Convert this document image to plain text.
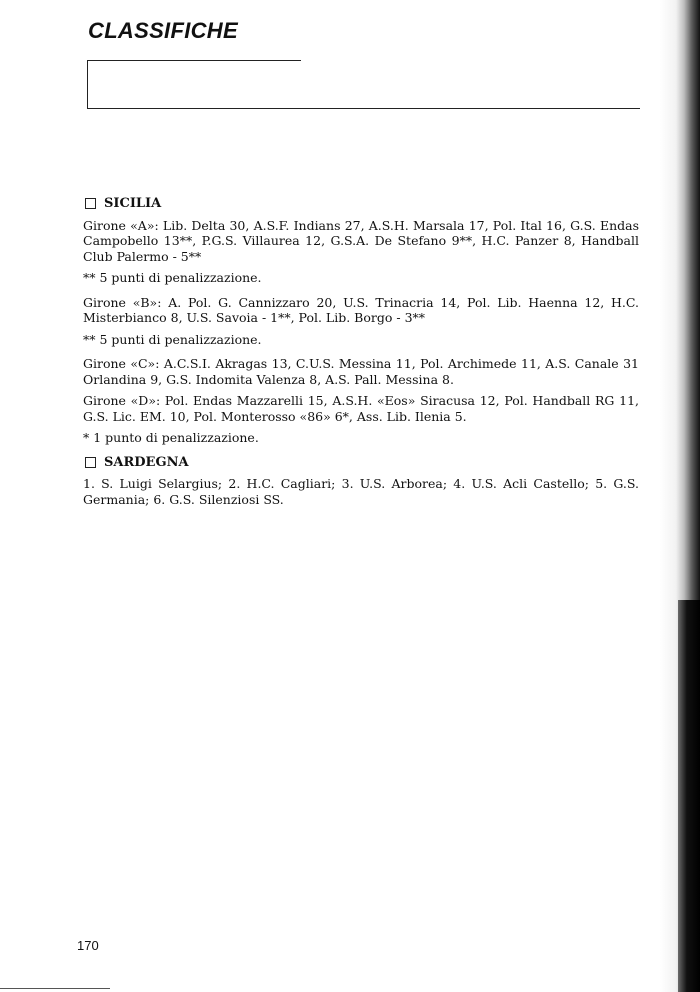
CLASSIFICHE
SICILIA

Girone «A»: Lib. Delta 30, A.S.F. Indians 27, A.S.H. Marsala 17, Pol. Ital 16, G.S. Endas Campobello 13**, P.G.S. Villaurea 12, G.S.A. De Stefano 9**, H.C. Panzer 8, Handball Club Palermo - 5**

** 5 punti di penalizzazione.

Girone «B»: A. Pol. G. Cannizzaro 20, U.S. Trinacria 14, Pol. Lib. Haenna 12, H.C. Misterbianco 8, U.S. Savoia - 1**, Pol. Lib. Borgo - 3**

** 5 punti di penalizzazione.

Girone «C»: A.C.S.I. Akragas 13, C.U.S. Messina 11, Pol. Archimede 11, A.S. Canale 31 Orlandina 9, G.S. Indomita Valenza 8, A.S. Pall. Messina 8.

Girone «D»: Pol. Endas Mazzarelli 15, A.S.H. «Eos» Siracusa 12, Pol. Handball RG 11, G.S. Lic. EM. 10, Pol. Monterosso «86» 6*, Ass. Lib. Ilenia 5.

* 1 punto di penalizzazione.

SARDEGNA

1. S. Luigi Selargius; 2. H.C. Cagliari; 3. U.S. Arborea; 4. U.S. Acli Castello; 5. G.S. Germania; 6. G.S. Silenziosi SS.

170
